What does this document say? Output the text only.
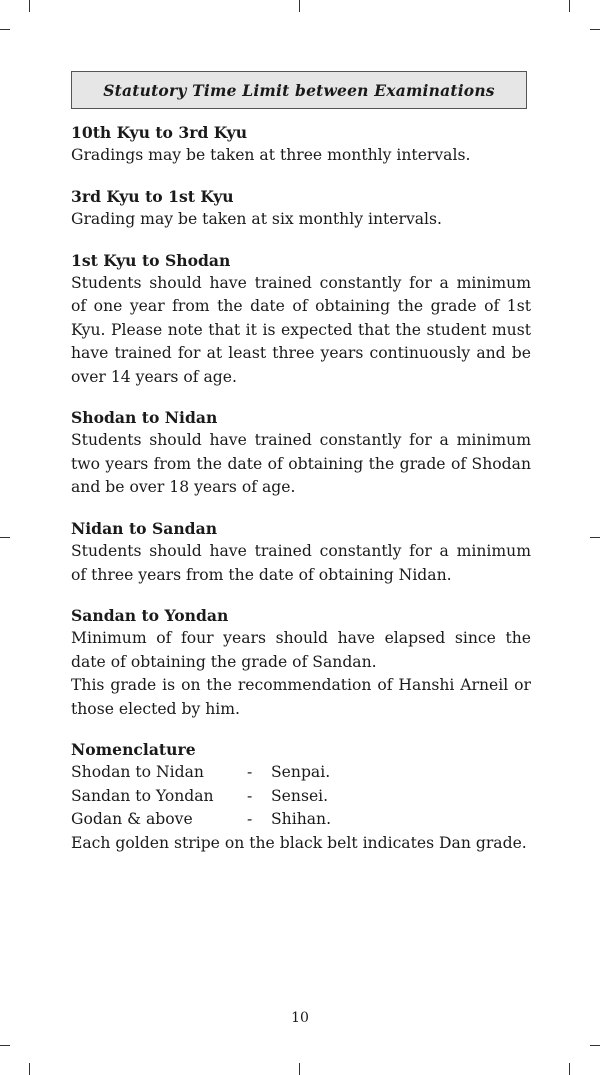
Statutory Time Limit between Examinations
10th Kyu to 3rd Kyu
Gradings may be taken at three monthly intervals.
3rd Kyu to 1st Kyu
Grading may be taken at six monthly intervals.
1st Kyu to Shodan
Students should have trained constantly for a minimum of one year from the date of obtaining the grade of 1st Kyu. Please note that it is expected that the student must have trained for at least three years continuously and be over 14 years of age.
Shodan to Nidan
Students should have trained constantly for a minimum two years from the date of obtaining the grade of Shodan and be over 18 years of age.
Nidan to Sandan
Students should have trained constantly for a minimum of three years from the date of obtaining Nidan.
Sandan to Yondan
Minimum of four years should have elapsed since the date of obtaining the grade of Sandan.
This grade is on the recommendation of Hanshi Arneil or those elected by him.
Nomenclature
Shodan to Nidan	-	Senpai.
Sandan to Yondan	-	Sensei.
Godan & above	-	Shihan.
Each golden stripe on the black belt indicates Dan grade.
10
